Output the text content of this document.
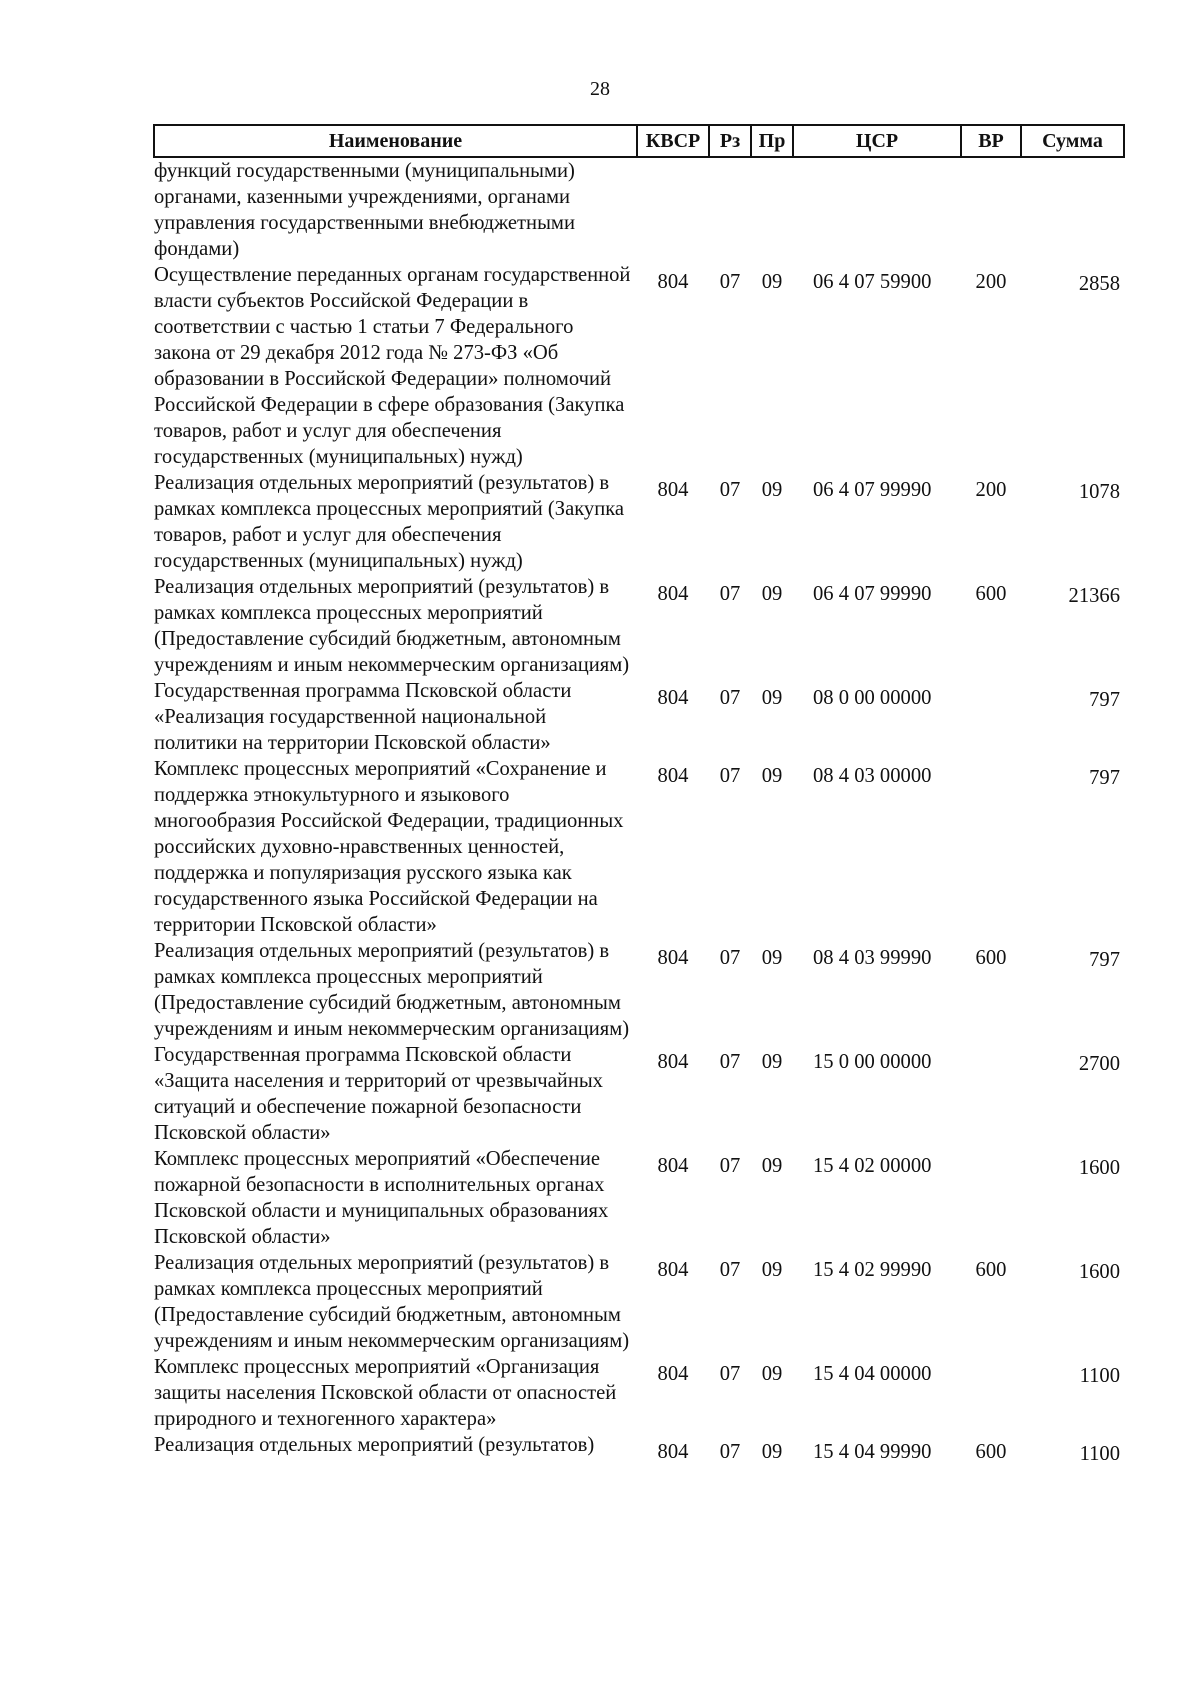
28
Наименование	КВСР	Рз	Пр	ЦСР	ВР	Сумма
функций государственными (муниципальными) органами, казенными учреждениями, органами управления государственными внебюджетными фондами)						
Осуществление переданных органам государственной власти субъектов Российской Федерации в соответствии с частью 1 статьи 7 Федерального закона от 29 декабря 2012 года № 273-ФЗ «Об образовании в Российской Федерации» полномочий Российской Федерации в сфере образования (Закупка товаров, работ и услуг для обеспечения государственных (муниципальных) нужд)	804	07	09	06 4 07 59900	200	2858
Реализация отдельных мероприятий (результатов) в рамках комплекса процессных мероприятий (Закупка товаров, работ и услуг для обеспечения государственных (муниципальных) нужд)	804	07	09	06 4 07 99990	200	1078
Реализация отдельных мероприятий (результатов) в рамках комплекса процессных мероприятий (Предоставление субсидий бюджетным, автономным учреждениям и иным некоммерческим организациям)	804	07	09	06 4 07 99990	600	21366
Государственная программа Псковской области «Реализация государственной национальной политики на территории Псковской области»	804	07	09	08 0 00 00000		797
Комплекс процессных мероприятий «Сохранение и поддержка этнокультурного и языкового многообразия Российской Федерации, традиционных российских духовно-нравственных ценностей, поддержка и популяризация русского языка как государственного языка Российской Федерации на территории Псковской области»	804	07	09	08 4 03 00000		797
Реализация отдельных мероприятий (результатов) в рамках комплекса процессных мероприятий (Предоставление субсидий бюджетным, автономным учреждениям и иным некоммерческим организациям)	804	07	09	08 4 03 99990	600	797
Государственная программа Псковской области «Защита населения и территорий от чрезвычайных ситуаций и обеспечение пожарной безопасности Псковской области»	804	07	09	15 0 00 00000		2700
Комплекс процессных мероприятий «Обеспечение пожарной безопасности в исполнительных органах Псковской области и муниципальных образованиях Псковской области»	804	07	09	15 4 02 00000		1600
Реализация отдельных мероприятий (результатов) в рамках комплекса процессных мероприятий (Предоставление субсидий бюджетным, автономным учреждениям и иным некоммерческим организациям)	804	07	09	15 4 02 99990	600	1600
Комплекс процессных мероприятий «Организация защиты населения Псковской области от опасностей природного и техногенного характера»	804	07	09	15 4 04 00000		1100
Реализация отдельных мероприятий (результатов)	804	07	09	15 4 04 99990	600	1100
